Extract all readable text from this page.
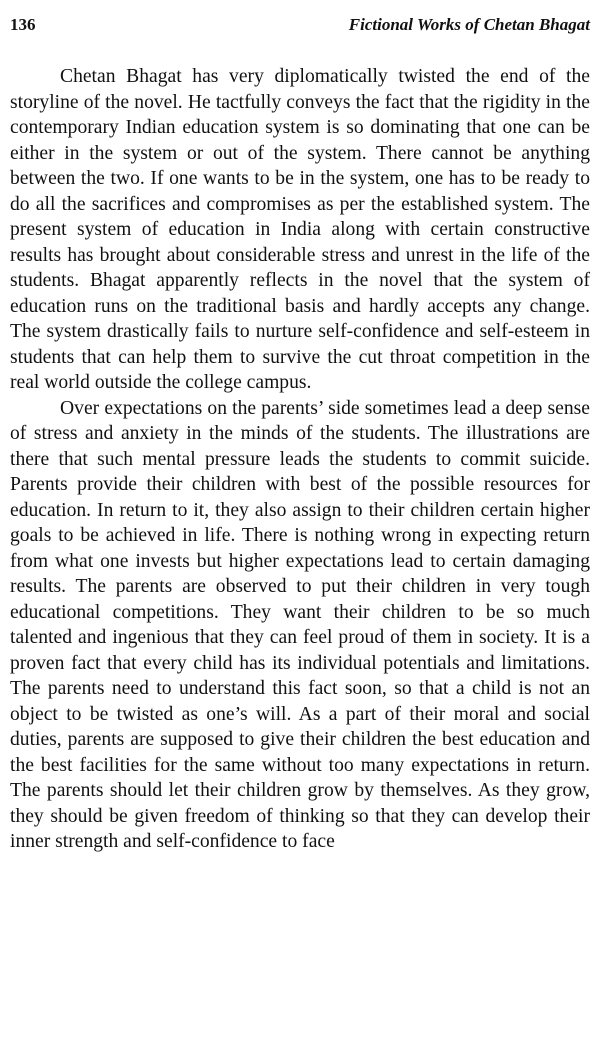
136	Fictional Works of Chetan Bhagat

Chetan Bhagat has very diplomatically twisted the end of the storyline of the novel. He tactfully conveys the fact that the rigidity in the contemporary Indian education system is so dominating that one can be either in the system or out of the system. There cannot be anything between the two. If one wants to be in the system, one has to be ready to do all the sacrifices and compromises as per the established system. The present system of education in India along with certain constructive results has brought about considerable stress and unrest in the life of the students. Bhagat apparently reflects in the novel that the system of education runs on the traditional basis and hardly accepts any change. The system drastically fails to nurture self-confidence and self-esteem in students that can help them to survive the cut throat competition in the real world outside the college campus.

Over expectations on the parents’ side sometimes lead a deep sense of stress and anxiety in the minds of the students. The illustrations are there that such mental pressure leads the students to commit suicide. Parents provide their children with best of the possible resources for education. In return to it, they also assign to their children certain higher goals to be achieved in life. There is nothing wrong in expecting return from what one invests but higher expectations lead to certain damaging results. The parents are observed to put their children in very tough educational competitions. They want their children to be so much talented and ingenious that they can feel proud of them in society. It is a proven fact that every child has its individual potentials and limitations. The parents need to understand this fact soon, so that a child is not an object to be twisted as one’s will. As a part of their moral and social duties, parents are supposed to give their children the best education and the best facilities for the same without too many expectations in return. The parents should let their children grow by themselves. As they grow, they should be given freedom of thinking so that they can develop their inner strength and self-confidence to face
